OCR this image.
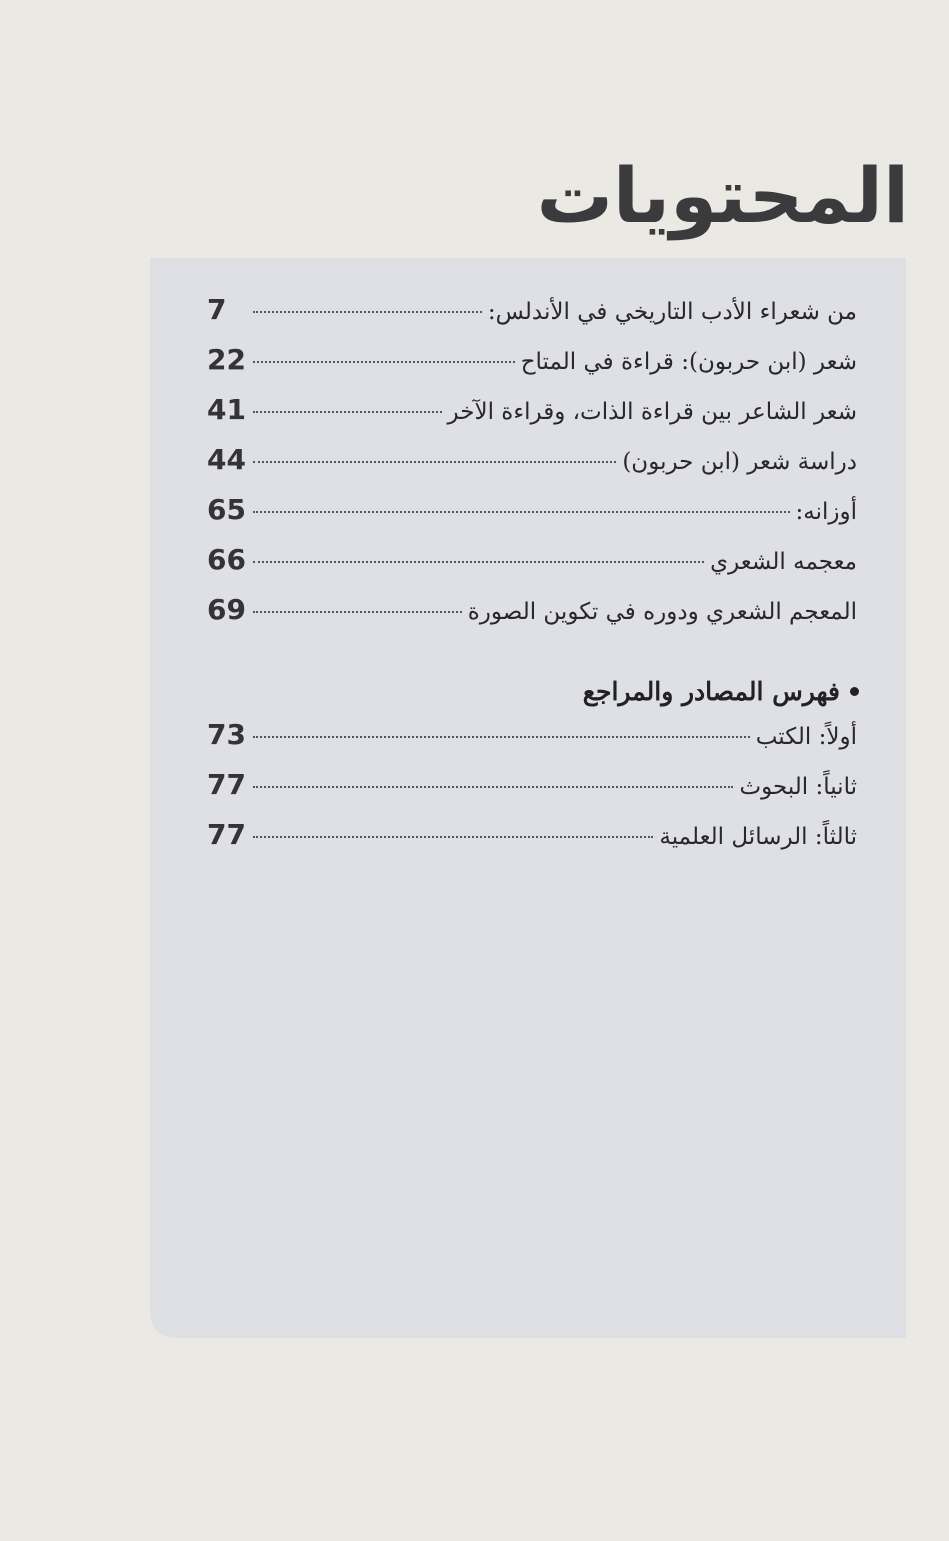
المحتويات
من شعراء الأدب التاريخي في الأندلس:
7
شعر (ابن حربون): قراءة في المتاح
22
شعر الشاعر بين قراءة الذات، وقراءة الآخر
41
دراسة شعر (ابن حربون)
44
أوزانه:
65
معجمه الشعري
66
المعجم الشعري ودوره في تكوين الصورة
69
فهرس المصادر والمراجع
أولاً: الكتب
73
ثانياً: البحوث
77
ثالثاً: الرسائل العلمية
77
